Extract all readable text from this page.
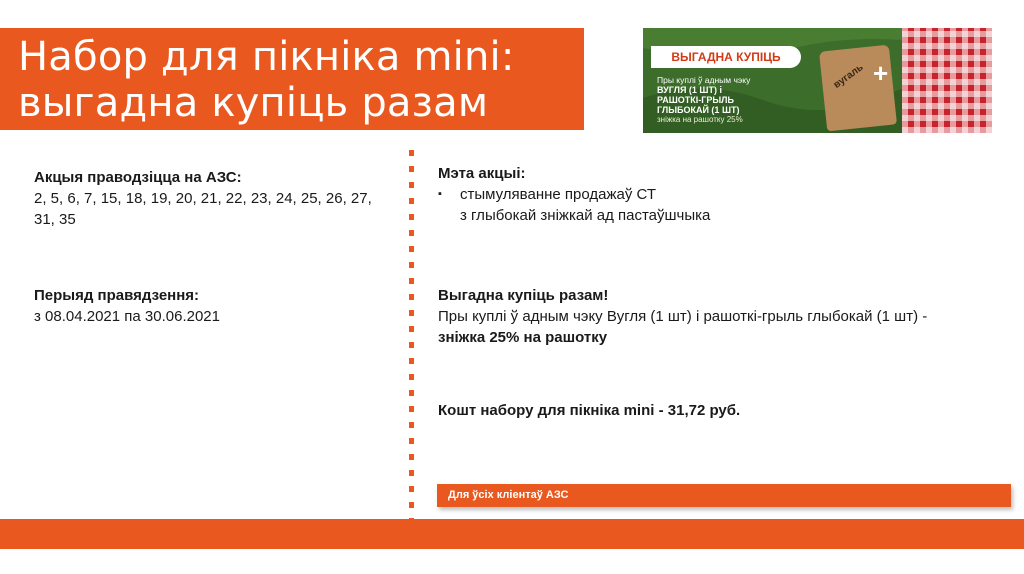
Набор для пікніка mini:
выгадна купіць разам
ВЫГАДНА КУПІЦЬ
Пры куплі ў адным чэку
ВУГЛЯ (1 ШТ) і
РАШОТКІ-ГРЫЛЬ
ГЛЫБОКАЙ (1 ШТ)
зніжка на рашотку 25%
вугаль +

Акцыя праводзіцца на АЗС:

2, 5, 6, 7, 15, 18, 19, 20, 21, 22, 23, 24, 25, 26, 27, 31, 35

Перыяд правядзення:

з 08.04.2021 па 30.06.2021

Мэта акцыі:

▪	стымуляванне продажаў СТ
з глыбокай зніжкай ад пастаўшчыка

Выгадна купіць разам!

Пры куплі ў адным чэку Вугля (1 шт) і рашоткі-грыль глыбокай (1 шт) - зніжка 25% на рашотку

Кошт набору для пікніка mini - 31,72 руб.
Для ўсіх кліентаў АЗС
